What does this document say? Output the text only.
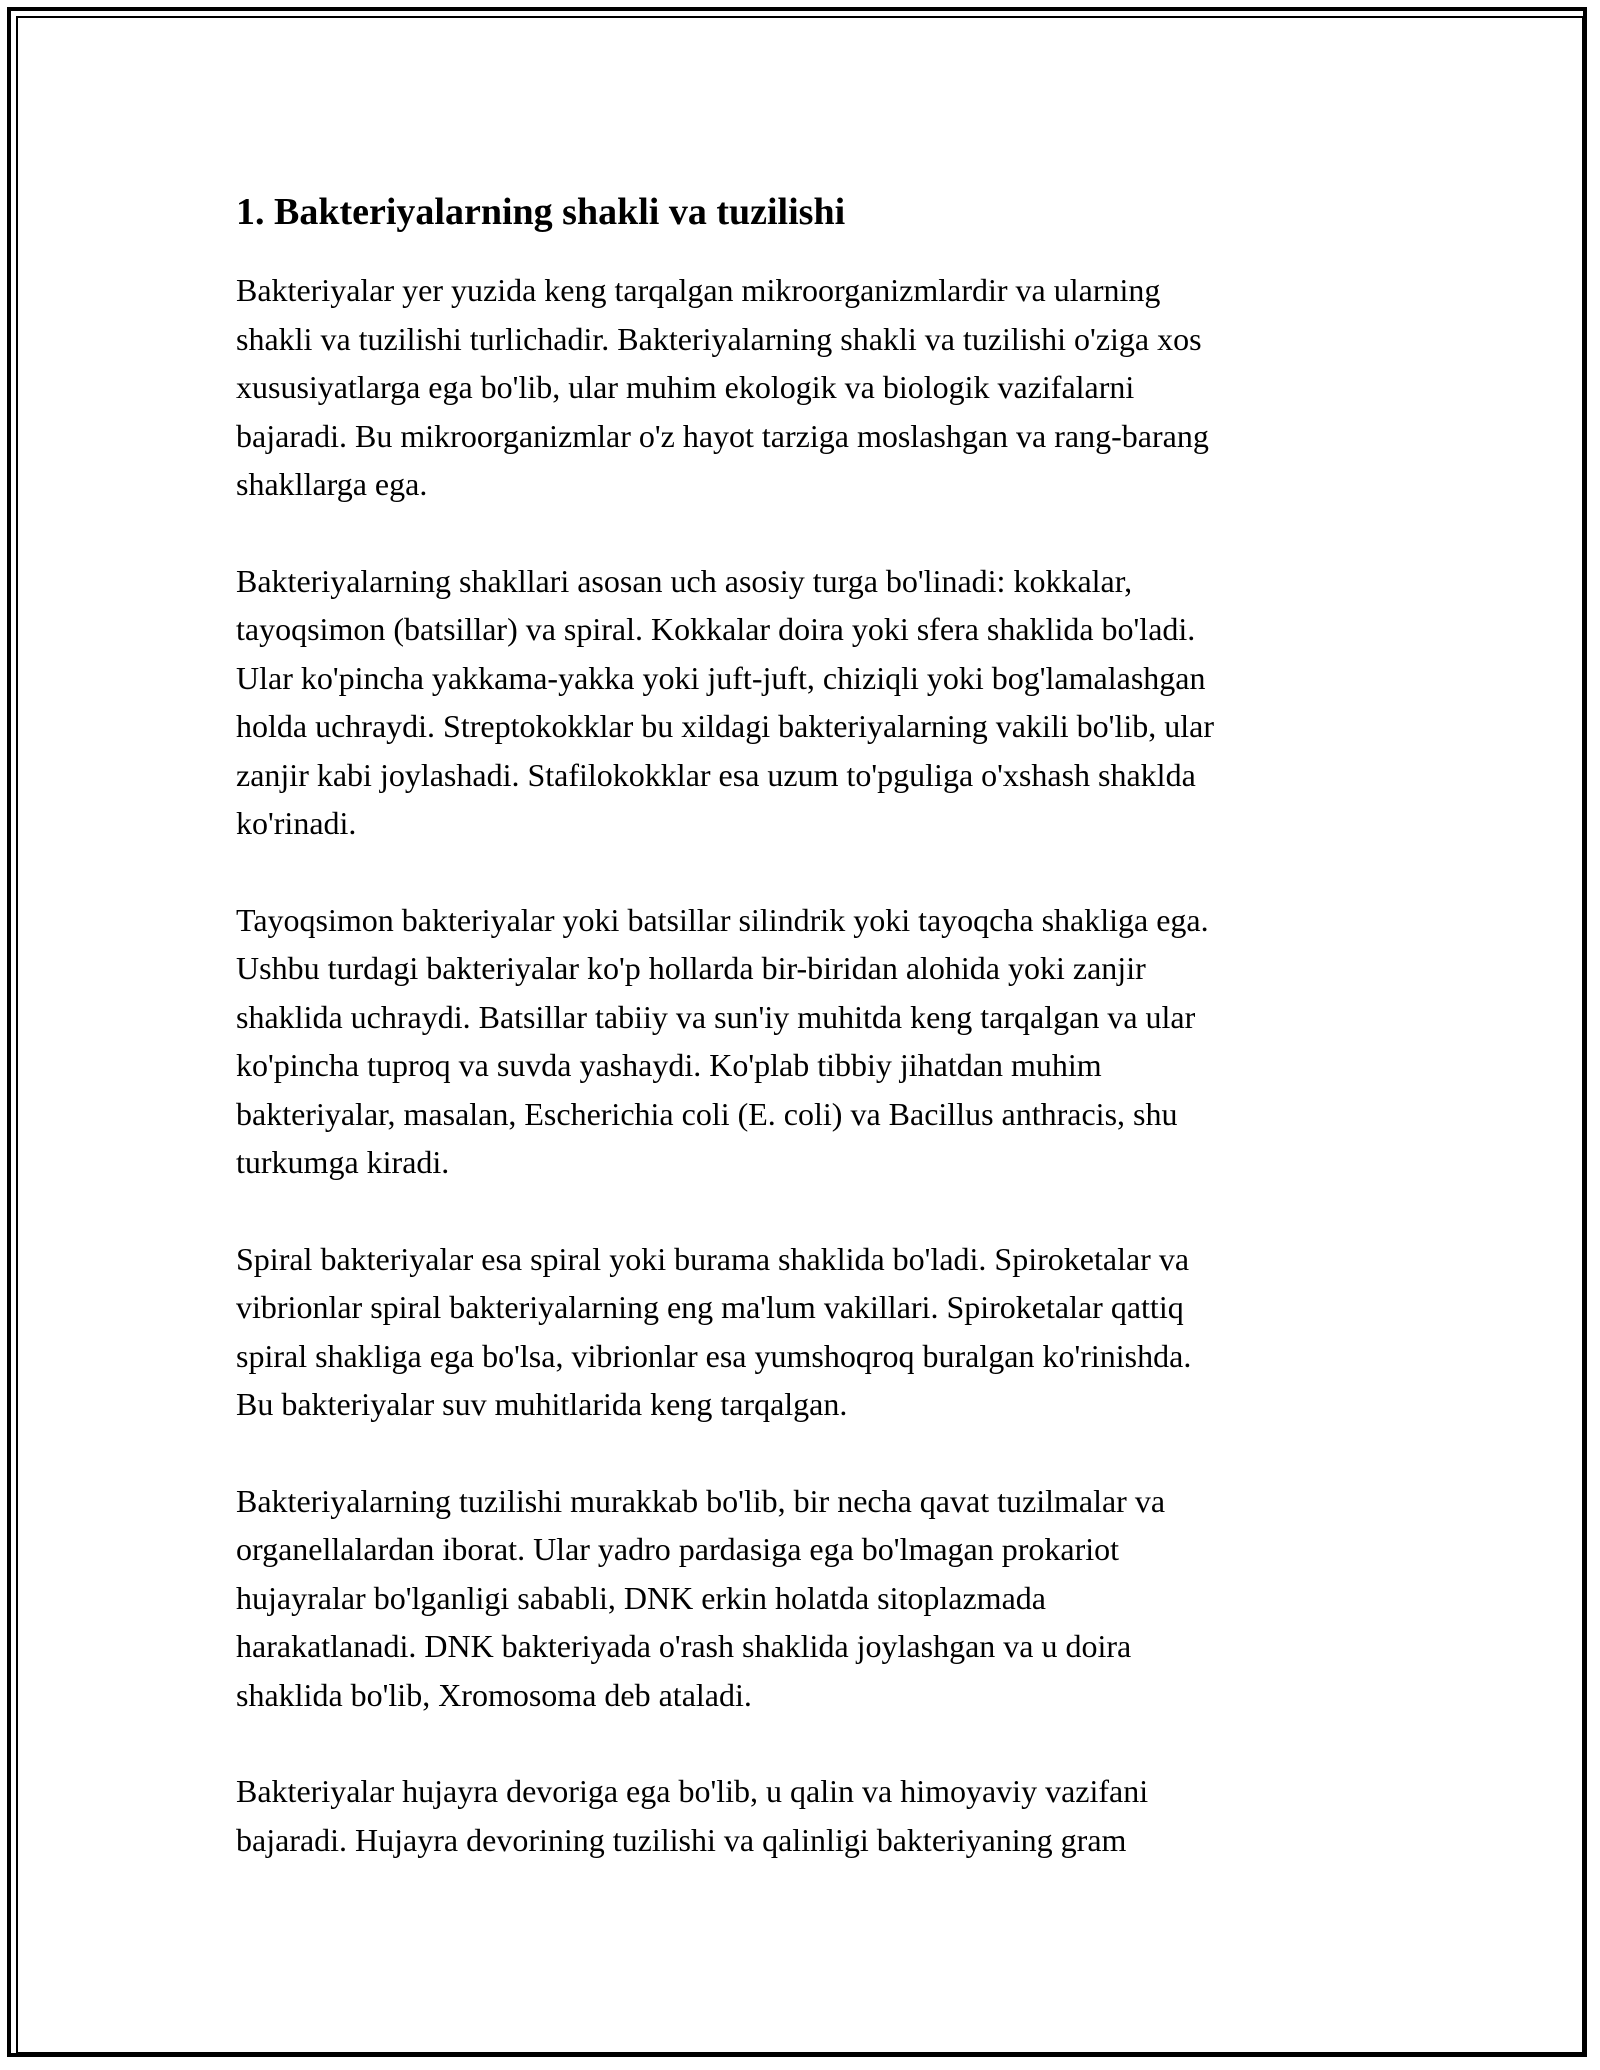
1. Bakteriyalarning shakli va tuzilishi

Bakteriyalar yer yuzida keng tarqalgan mikroorganizmlardir va ularning
shakli va tuzilishi turlichadir. Bakteriyalarning shakli va tuzilishi o'ziga xos
xususiyatlarga ega bo'lib, ular muhim ekologik va biologik vazifalarni
bajaradi. Bu mikroorganizmlar o'z hayot tarziga moslashgan va rang-barang
shakllarga ega.

Bakteriyalarning shakllari asosan uch asosiy turga bo'linadi: kokkalar,
tayoqsimon (batsillar) va spiral. Kokkalar doira yoki sfera shaklida bo'ladi.
Ular ko'pincha yakkama-yakka yoki juft-juft, chiziqli yoki bog'lamalashgan
holda uchraydi. Streptokokklar bu xildagi bakteriyalarning vakili bo'lib, ular
zanjir kabi joylashadi. Stafilokokklar esa uzum to'pguliga o'xshash shaklda
ko'rinadi.

Tayoqsimon bakteriyalar yoki batsillar silindrik yoki tayoqcha shakliga ega.
Ushbu turdagi bakteriyalar ko'p hollarda bir-biridan alohida yoki zanjir
shaklida uchraydi. Batsillar tabiiy va sun'iy muhitda keng tarqalgan va ular
ko'pincha tuproq va suvda yashaydi. Ko'plab tibbiy jihatdan muhim
bakteriyalar, masalan, Escherichia coli (E. coli) va Bacillus anthracis, shu
turkumga kiradi.

Spiral bakteriyalar esa spiral yoki burama shaklida bo'ladi. Spiroketalar va
vibrionlar spiral bakteriyalarning eng ma'lum vakillari. Spiroketalar qattiq
spiral shakliga ega bo'lsa, vibrionlar esa yumshoqroq buralgan ko'rinishda.
Bu bakteriyalar suv muhitlarida keng tarqalgan.

Bakteriyalarning tuzilishi murakkab bo'lib, bir necha qavat tuzilmalar va
organellalardan iborat. Ular yadro pardasiga ega bo'lmagan prokariot
hujayralar bo'lganligi sababli, DNK erkin holatda sitoplazmada
harakatlanadi. DNK bakteriyada o'rash shaklida joylashgan va u doira
shaklida bo'lib, Xromosoma deb ataladi.

Bakteriyalar hujayra devoriga ega bo'lib, u qalin va himoyaviy vazifani
bajaradi. Hujayra devorining tuzilishi va qalinligi bakteriyaning gram
